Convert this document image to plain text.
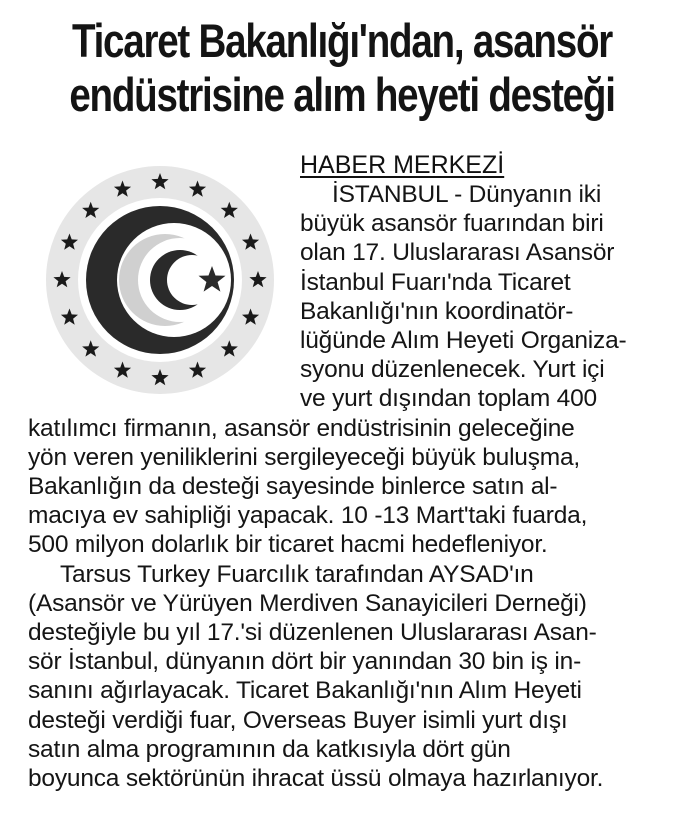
Ticaret Bakanlığı'ndan, asansör
endüstrisine alım heyeti desteği
HABER MERKEZİ
İSTANBUL - Dünyanın iki
büyük asansör fuarından biri
olan 17. Uluslararası Asansör
İstanbul Fuarı'nda Ticaret
Bakanlığı'nın koordinatör-
lüğünde Alım Heyeti Organiza-
syonu düzenlenecek. Yurt içi
ve yurt dışından toplam 400
katılımcı firmanın, asansör endüstrisinin geleceğine
yön veren yeniliklerini sergileyeceği büyük buluşma,
Bakanlığın da desteği sayesinde binlerce satın al-
macıya ev sahipliği yapacak. 10 -13 Mart'taki fuarda,
500 milyon dolarlık bir ticaret hacmi hedefleniyor.
Tarsus Turkey Fuarcılık tarafından AYSAD'ın
(Asansör ve Yürüyen Merdiven Sanayicileri Derneği)
desteğiyle bu yıl 17.'si düzenlenen Uluslararası Asan-
sör İstanbul, dünyanın dört bir yanından 30 bin iş in-
sanını ağırlayacak. Ticaret Bakanlığı'nın Alım Heyeti
desteği verdiği fuar, Overseas Buyer isimli yurt dışı
satın alma programının da katkısıyla dört gün
boyunca sektörünün ihracat üssü olmaya hazırlanıyor.
